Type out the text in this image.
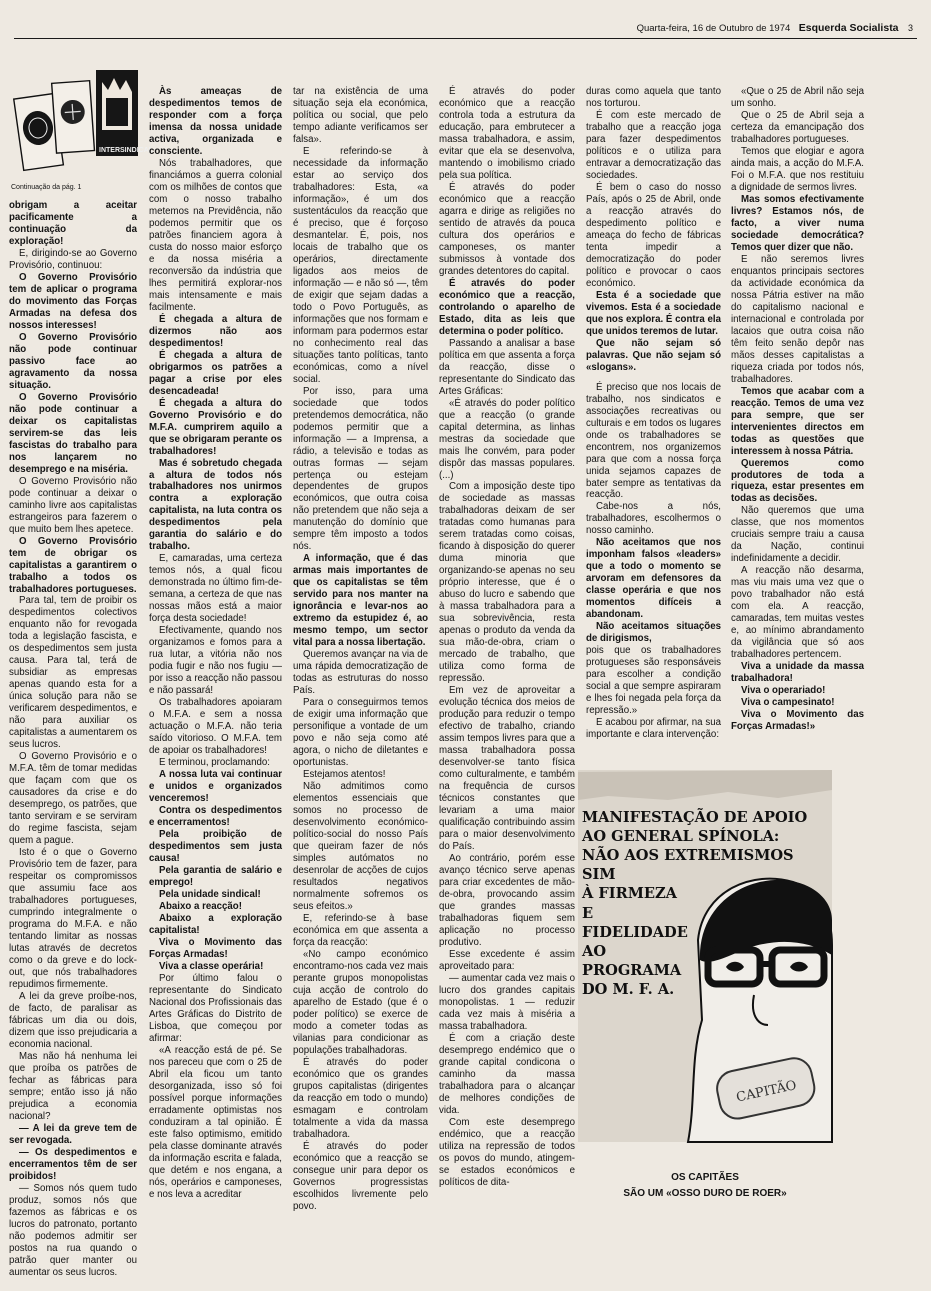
Quarta-feira, 16 de Outubro de 1974 Esquerda Socialista 3
INTERSINDICAL
Continuação da pág. 1

obrigam a aceitar pacificamente a continuação da exploração!

E, dirigindo-se ao Governo Provisório, continuou:

O Governo Provisório tem de aplicar o programa do movimento das Forças Armadas na defesa dos nossos interesses!

O Governo Provisório não pode continuar passivo face ao agravamento da nossa situação.

O Governo Provisório não pode continuar a deixar os capitalistas servirem-se das leis fascistas do trabalho para nos lançarem no desemprego e na miséria.

O Governo Provisório não pode continuar a deixar o caminho livre aos capitalistas estrangeiros para fazerem o que muito bem lhes apetece.

O Governo Provisório tem de obrigar os capitalistas a garantirem o trabalho a todos os trabalhadores portugueses.

Para tal, tem de proibir os despedimentos colectivos enquanto não for revogada toda a legislação fascista, e os despedimentos sem justa causa. Para tal, terá de subsidiar as empresas apenas quando esta for a única solução para não se verificarem despedimentos, e não para auxiliar os capitalistas a aumentarem os seus lucros.

O Governo Provisório e o M.F.A. têm de tomar medidas que façam com que os causadores da crise e do desemprego, os patrões, que tanto serviram e se serviram do regime fascista, sejam quem a pague.

Isto é o que o Governo Provisório tem de fazer, para respeitar os compromissos que assumiu face aos trabalhadores portugueses, cumprindo integralmente o programa do M.F.A. e não tentando limitar as nossas lutas através de decretos como o da greve e do lock-out, que nós trabalhadores repudimos firmemente.

A lei da greve proíbe-nos, de facto, de paralisar as fábricas um dia ou dois, dizem que isso prejudicaria a economia nacional.

Mas não há nenhuma lei que proíba os patrões de fechar as fábricas para sempre; então isso já não prejudica a economia nacional?

— A lei da greve tem de ser revogada.

— Os despedimentos e encerramentos têm de ser proibidos!

— Somos nós quem tudo produz, somos nós que fazemos as fábricas e os lucros do patronato, portanto não podemos admitir ser postos na rua quando o patrão quer manter ou aumentar os seus lucros.

Às ameaças de despedimentos temos de responder com a força imensa da nossa unidade activa, organizada e consciente.

Nós trabalhadores, que financiámos a guerra colonial com os milhões de contos que com o nosso trabalho metemos na Previdência, não podemos permitir que os patrões financiem agora à custa do nosso maior esforço e da nossa miséria a reconversão da indústria que lhes permitirá explorar-nos mais intensamente e mais facilmente.

É chegada a altura de dizermos não aos despedimentos!

É chegada a altura de obrigarmos os patrões a pagar a crise por eles desencadeada!

É chegada a altura do Governo Provisório e do M.F.A. cumprirem aquilo a que se obrigaram perante os trabalhadores!

Mas é sobretudo chegada a altura de todos nós trabalhadores nos unirmos contra a exploração capitalista, na luta contra os despedimentos pela garantia do salário e do trabalho.

E, camaradas, uma certeza temos nós, a qual ficou demonstrada no último fim-de-semana, a certeza de que nas nossas mãos está a maior força desta sociedade!

Efectivamente, quando nos organizamos e fomos para a rua lutar, a vitória não nos podia fugir e não nos fugiu — por isso a reacção não passou e não passará!

Os trabalhadores apoiaram o M.F.A. e sem a nossa actuação o M.F.A. não teria saído vitorioso. O M.F.A. tem de apoiar os trabalhadores!

E terminou, proclamando:

A nossa luta vai continuar e unidos e organizados venceremos!

Contra os despedimentos e encerramentos!

Pela proibição de despedimentos sem justa causa!

Pela garantia de salário e emprego!

Pela unidade sindical!

Abaixo a reacção!

Abaixo a exploração capitalista!

Viva o Movimento das Forças Armadas!

Viva a classe operária!

Por último falou o representante do Sindicato Nacional dos Profissionais das Artes Gráficas do Distrito de Lisboa, que começou por afirmar:

«A reacção está de pé. Se nos pareceu que com o 25 de Abril ela ficou um tanto desorganizada, isso só foi possível porque informações erradamente optimistas nos conduziram a tal opinião. É este falso optimismo, emitido pela classe dominante através da informação escrita e falada, que detém e nos engana, a nós, operários e camponeses, e nos leva a acreditar

tar na existência de uma situação seja ela económica, política ou social, que pelo tempo adiante verificamos ser falsa».

E referindo-se à necessidade da informação estar ao serviço dos trabalhadores: Esta, «a informação», é um dos sustentáculos da reacção que é preciso, que é forçoso desmantelar. É, pois, nos locais de trabalho que os operários, directamente ligados aos meios de informação — e não só —, têm de exigir que sejam dadas a todo o Povo Português, as informações que nos formam e informam para podermos estar no conhecimento real das situações tanto políticas, tanto económicas, como a nível social.

Por isso, para uma sociedade que todos pretendemos democrática, não podemos permitir que a informação — a Imprensa, a rádio, a televisão e todas as outras formas — sejam pertença ou estejam dependentes de grupos económicos, que outra coisa não pretendem que não seja a manutenção do domínio que sempre têm imposto a todos nós.

A informação, que é das armas mais importantes de que os capitalistas se têm servido para nos manter na ignorância e levar-nos ao extremo da estupidez é, ao mesmo tempo, um sector vital para a nossa libertação.

Queremos avançar na via de uma rápida democratização de todas as estruturas do nosso País.

Para o conseguirmos temos de exigir uma informação que personifique a vontade de um povo e não seja como até agora, o nicho de diletantes e oportunistas.

Estejamos atentos!

Não admitimos como elementos essenciais que somos no processo de desenvolvimento económico-político-social do nosso País que queiram fazer de nós simples autómatos no desenrolar de acções de cujos resultados negativos normalmente sofremos os seus efeitos.»

E, referindo-se à base económica em que assenta a força da reacção:

«No campo económico encontramo-nos cada vez mais perante grupos monopolistas cuja acção de controlo do aparelho de Estado (que é o poder político) se exerce de modo a cometer todas as vilanias para condicionar as populações trabalhadoras.

É através do poder económico que os grandes grupos capitalistas (dirigentes da reacção em todo o mundo) esmagam e controlam totalmente a vida da massa trabalhadora.

É através do poder económico que a reacção se consegue unir para depor os Governos progressistas escolhidos livremente pelo povo.

É através do poder económico que a reacção controla toda a estrutura da educação, para embrutecer a massa trabalhadora, e assim, evitar que ela se desenvolva, mantendo o imobilismo criado pela sua política.

É através do poder económico que a reacção agarra e dirige as religiões no sentido de através da pouca cultura dos operários e camponeses, os manter submissos à vontade dos grandes detentores do capital.

É através do poder económico que a reacção, controlando o aparelho de Estado, dita as leis que determina o poder político.

Passando a analisar a base política em que assenta a força da reacção, disse o representante do Sindicato das Artes Gráficas:

«É através do poder político que a reacção (o grande capital determina, as linhas mestras da sociedade que mais lhe convém, para poder dispôr das massas populares. (...)

Com a imposição deste tipo de sociedade as massas trabalhadoras deixam de ser tratadas como humanas para serem tratadas como coisas, ficando à disposição do querer duma minoria que organizando-se apenas no seu próprio interesse, que é o abuso do lucro e sabendo que à massa trabalhadora para a sua sobrevivência, resta apenas o produto da venda da sua mão-de-obra, criam o mercado de trabalho, que utiliza como forma de repressão.

Em vez de aproveitar a evolução técnica dos meios de produção para reduzir o tempo efectivo de trabalho, criando assim tempos livres para que a massa trabalhadora possa desenvolver-se tanto física como culturalmente, e também na frequência de cursos técnicos constantes que levariam a uma maior qualificação contribuindo assim para o maior desenvolvimento do País.

Ao contrário, porém esse avanço técnico serve apenas para criar excedentes de mão-de-obra, provocando assim que grandes massas trabalhadoras fiquem sem aplicação no processo produtivo.

Esse excedente é assim aproveitado para:

— aumentar cada vez mais o lucro dos grandes capitais monopolistas. 1 — reduzir cada vez mais à miséria a massa trabalhadora.

É com a criação deste desemprego endémico que o grande capital condicona o caminho da massa trabalhadora para o alcançar de melhores condições de vida.

Com este desemprego endémico, que a reacção utiliza na repressão de todos os povos do mundo, atingem-se estados económicos e políticos de dita-

duras como aquela que tanto nos torturou.

É com este mercado de trabalho que a reacção joga para fazer despedimentos políticos e o utiliza para entravar a democratização das sociedades.

É bem o caso do nosso País, após o 25 de Abril, onde a reacção através do despedimento político e ameaça do fecho de fábricas tenta impedir a democratização do poder político e provocar o caos económico.

Esta é a sociedade que vivemos. Esta é a sociedade que nos explora. É contra ela que unidos teremos de lutar.

Que não sejam só palavras. Que não sejam só «slogans».

É preciso que nos locais de trabalho, nos sindicatos e associações recreativas ou culturais e em todos os lugares onde os trabalhadores se encontrem, nos organizemos para que com a nossa força unida sejamos capazes de bater sempre as tentativas da reacção.

Cabe-nos a nós, trabalhadores, escolhermos o nosso caminho.

Não aceitamos que nos imponham falsos «leaders» que a todo o momento se arvoram em defensores da classe operária e que nos momentos difíceis a abandonam.

Não aceitamos situações de dirigismos,

pois que os trabalhadores protugueses são responsáveis para escolher a condição social a que sempre aspiraram e lhes foi negada pela força da repressão.»

E acabou por afirmar, na sua importante e clara intervenção:

«Que o 25 de Abril não seja um sonho.

Que o 25 de Abril seja a certeza da emancipação dos trabalhadores portugueses.

Temos que elogiar e agora ainda mais, a acção do M.F.A. Foi o M.F.A. que nos restituiu a dignidade de sermos livres.

Mas somos efectivamente livres? Estamos nós, de facto, a viver numa sociedade democrática? Temos quer dizer que não.

E não seremos livres enquantos principais sectores da actividade económica da nossa Pátria estiver na mão do capitalismo nacional e internacional e controlada por lacaios que outra coisa não têm feito senão depôr nas mãos desses capitalistas a riqueza criada por todos nós, trabalhadores.

Temos que acabar com a reacção. Temos de uma vez para sempre, que ser intervenientes directos em todas as questões que interessem à nossa Pátria.

Queremos como produtores de toda a riqueza, estar presentes em todas as decisões.

Não queremos que uma classe, que nos momentos cruciais sempre traiu a causa da Nação, continui indefinidamente a decidir.

A reacção não desarma, mas viu mais uma vez que o povo trabalhador não está com ela. A reacção, camaradas, tem muitas vestes e, ao mínimo abrandamento da vigilância que só aos trabalhadores pertencem.

Viva a unidade da massa trabalhadora!

Viva o operariado!

Viva o campesinato!

Viva o Movimento das Forças Armadas!»

CAPITÃO
MANIFESTAÇÃO DE APOIO
AO GENERAL SPÍNOLA:
NÃO AOS EXTREMISMOS
SIM
À FIRMEZA
E
FIDELIDADE
AO
PROGRAMA
DO M. F. A.
OS CAPITÃES
SÃO UM «OSSO DURO DE ROER»
